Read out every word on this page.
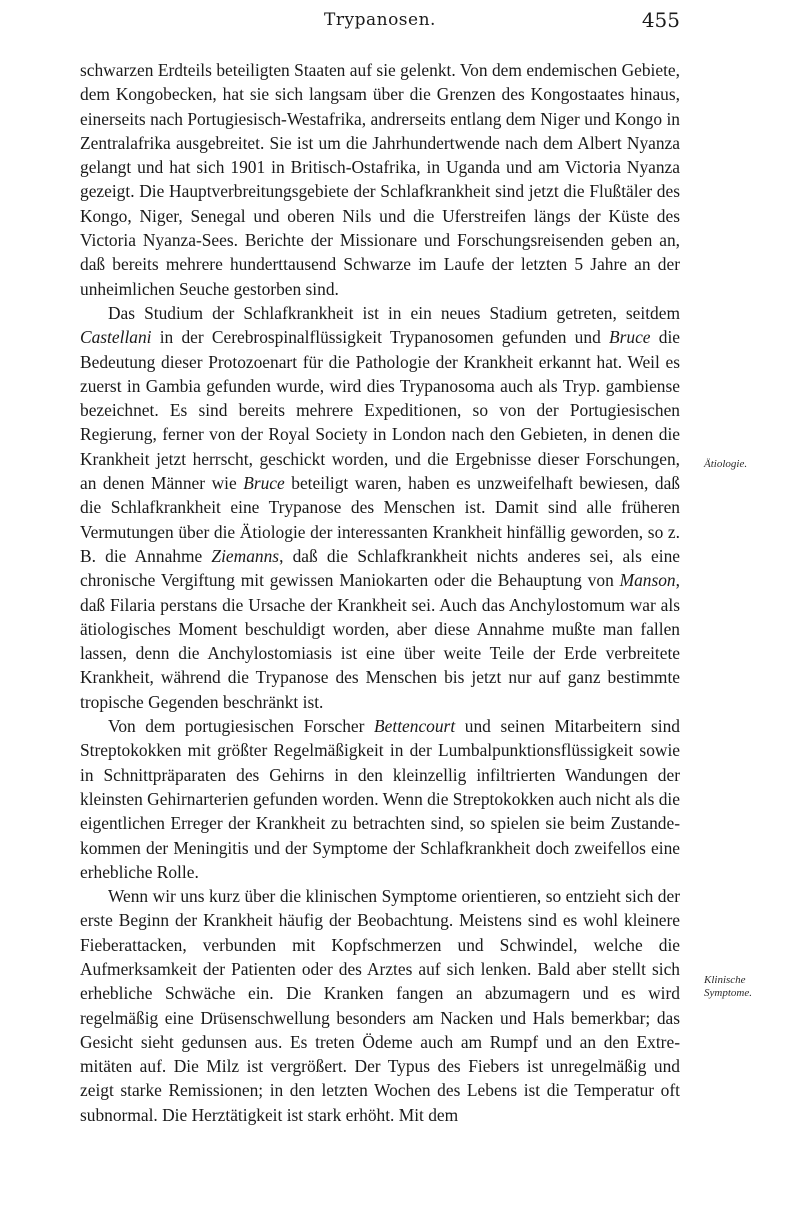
Trypanosen.	455

schwarzen Erdteils beteiligten Staaten auf sie gelenkt. Von dem endemischen Gebiete, dem Kongobecken, hat sie sich langsam über die Grenzen des Kongostaates hinaus, einerseits nach Portugiesisch-Westafrika, andrerseits entlang dem Niger und Kongo in Zentralafrika ausgebreitet. Sie ist um die Jahrhundertwende nach dem Albert Nyanza gelangt und hat sich 1901 in Britisch-Ostafrika, in Uganda und am Victoria Nyanza gezeigt. Die Hauptverbreitungsgebiete der Schlafkrankheit sind jetzt die Flußtäler des Kongo, Niger, Senegal und oberen Nils und die Uferstreifen längs der Küste des Victoria Nyanza-Sees. Berichte der Missionare und Forschungsreisenden geben an, daß bereits mehrere hunderttausend Schwarze im Laufe der letzten 5 Jahre an der unheimlichen Seuche gestorben sind.

Das Studium der Schlafkrankheit ist in ein neues Stadium getreten, seitdem Castellani in der Cerebrospinalflüssigkeit Trypanosomen gefunden und Bruce die Bedeutung dieser Protozoenart für die Pathologie der Krankheit erkannt hat. Weil es zuerst in Gambia gefunden wurde, wird dies Trypanosoma auch als Tryp. gambiense bezeichnet. Es sind bereits mehrere Expeditionen, so von der Portugiesischen Regierung, ferner von der Royal Society in London nach den Gebieten, in denen die Krankheit jetzt herrscht, geschickt worden, und die Ergebnisse dieser Forschungen, an denen Männer wie Bruce beteiligt waren, haben es unzweifelhaft bewiesen, daß die Schlafkrankheit eine Trypanose des Menschen ist. Damit sind alle früheren Vermutungen über die Ätiologie der interessanten Krankheit hinfällig geworden, so z. B. die Annahme Ziemanns, daß die Schlafkrankheit nichts anderes sei, als eine chronische Vergiftung mit gewissen Maniokarten oder die Behauptung von Manson, daß Filaria perstans die Ursache der Krankheit sei. Auch das Anchylostomum war als ätiologisches Moment beschuldigt worden, aber diese Annahme mußte man fallen lassen, denn die Anchylostomiasis ist eine über weite Teile der Erde verbreitete Krankheit, während die Trypanose des Menschen bis jetzt nur auf ganz bestimmte tropische Gegenden beschränkt ist.

Von dem portugiesischen Forscher Bettencourt und seinen Mitarbeitern sind Streptokokken mit größter Regelmäßigkeit in der Lumbalpunktionsflüssigkeit sowie in Schnittpräparaten des Gehirns in den kleinzellig infiltrierten Wandungen der kleinsten Gehirnarterien gefunden worden. Wenn die Streptokokken auch nicht als die eigentlichen Erreger der Krankheit zu betrachten sind, so spielen sie beim Zustandekommen der Meningitis und der Symptome der Schlafkrankheit doch zweifellos eine erhebliche Rolle.

Wenn wir uns kurz über die klinischen Symptome orientieren, so entzieht sich der erste Beginn der Krankheit häufig der Beobachtung. Meistens sind es wohl kleinere Fieberattacken, verbunden mit Kopfschmerzen und Schwindel, welche die Aufmerksamkeit der Patienten oder des Arztes auf sich lenken. Bald aber stellt sich erhebliche Schwäche ein. Die Kranken fangen an abzumagern und es wird regelmäßig eine Drüsenschwellung besonders am Nacken und Hals bemerkbar; das Gesicht sieht gedunsen aus. Es treten Ödeme auch am Rumpf und an den Extremitäten auf. Die Milz ist vergrößert. Der Typus des Fiebers ist unregelmäßig und zeigt starke Remissionen; in den letzten Wochen des Lebens ist die Temperatur oft subnormal. Die Herztätigkeit ist stark erhöht. Mit dem

Ätiologie.
Klinische Symptome.
